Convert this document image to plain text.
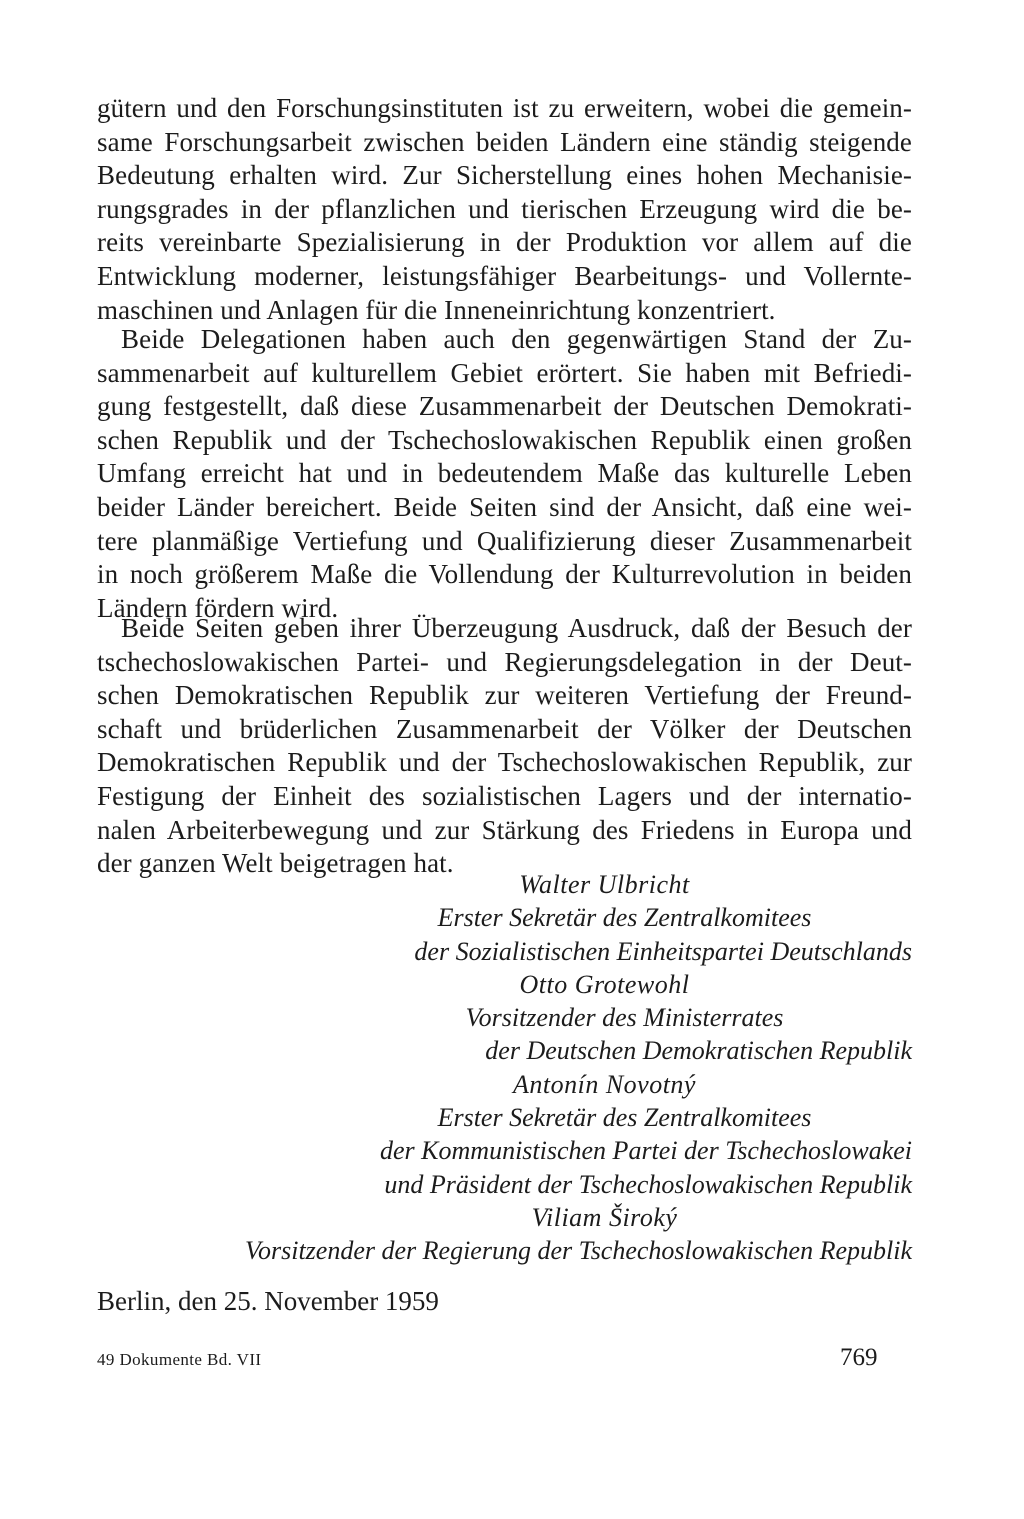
gütern und den Forschungsinstituten ist zu erweitern, wobei die gemein-
same Forschungsarbeit zwischen beiden Ländern eine ständig steigende
Bedeutung erhalten wird. Zur Sicherstellung eines hohen Mechanisie-
rungsgrades in der pflanzlichen und tierischen Erzeugung wird die be-
reits vereinbarte Spezialisierung in der Produktion vor allem auf die
Entwicklung moderner, leistungsfähiger Bearbeitungs- und Vollernte-
maschinen und Anlagen für die Inneneinrichtung konzentriert.
Beide Delegationen haben auch den gegenwärtigen Stand der Zu-
sammenarbeit auf kulturellem Gebiet erörtert. Sie haben mit Befriedi-
gung festgestellt, daß diese Zusammenarbeit der Deutschen Demokrati-
schen Republik und der Tschechoslowakischen Republik einen großen
Umfang erreicht hat und in bedeutendem Maße das kulturelle Leben
beider Länder bereichert. Beide Seiten sind der Ansicht, daß eine wei-
tere planmäßige Vertiefung und Qualifizierung dieser Zusammenarbeit
in noch größerem Maße die Vollendung der Kulturrevolution in beiden
Ländern fördern wird.
Beide Seiten geben ihrer Überzeugung Ausdruck, daß der Besuch der
tschechoslowakischen Partei- und Regierungsdelegation in der Deut-
schen Demokratischen Republik zur weiteren Vertiefung der Freund-
schaft und brüderlichen Zusammenarbeit der Völker der Deutschen
Demokratischen Republik und der Tschechoslowakischen Republik, zur
Festigung der Einheit des sozialistischen Lagers und der internatio-
nalen Arbeiterbewegung und zur Stärkung des Friedens in Europa und
der ganzen Welt beigetragen hat.
Walter Ulbricht
Erster Sekretär des Zentralkomitees
der Sozialistischen Einheitspartei Deutschlands
Otto Grotewohl
Vorsitzender des Ministerrates
der Deutschen Demokratischen Republik
Antonín Novotný
Erster Sekretär des Zentralkomitees
der Kommunistischen Partei der Tschechoslowakei
und Präsident der Tschechoslowakischen Republik
Viliam Široký
Vorsitzender der Regierung der Tschechoslowakischen Republik
Berlin, den 25. November 1959
49 Dokumente Bd. VII	769
